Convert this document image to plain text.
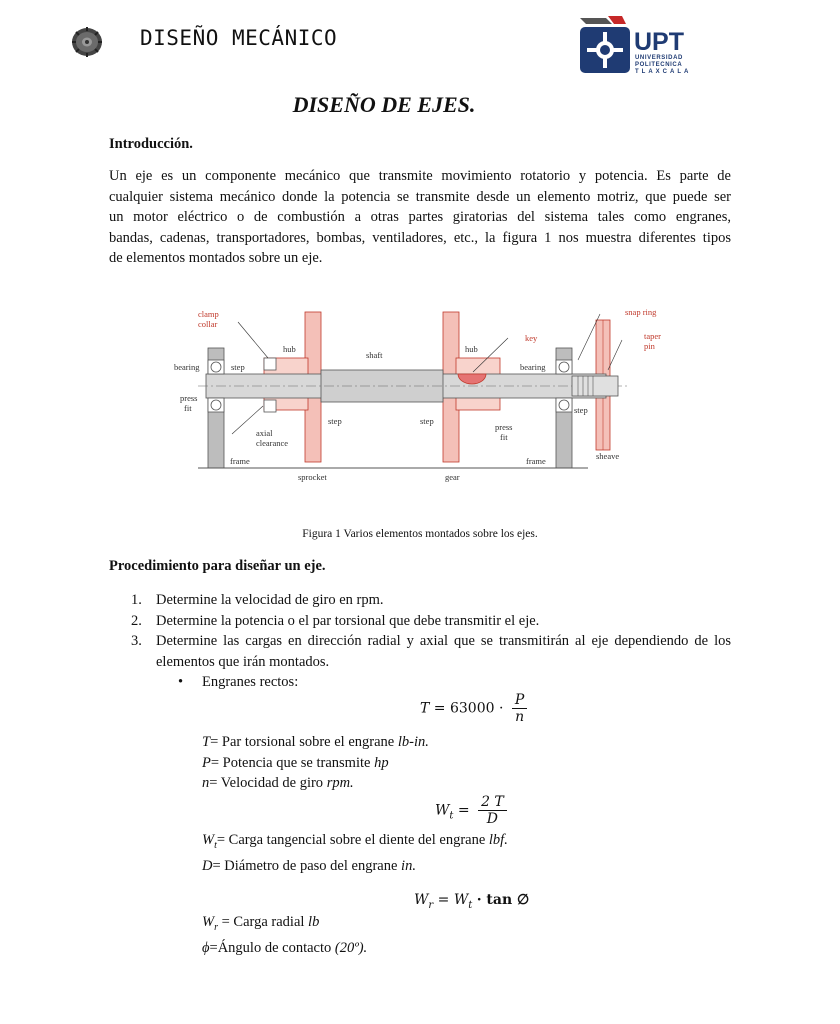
DISEÑO MECÁNICO	UPT
UNIVERSIDAD
POLITECNICA
TLAXCALA
DISEÑO DE EJES.
Introducción.
Un eje es un componente mecánico que transmite movimiento rotatorio y potencia. Es parte de
cualquier sistema mecánico donde la potencia se transmite desde un elemento motriz, que puede ser
un motor eléctrico o de combustión a otras partes giratorias del sistema tales como engranes,
bandas, cadenas, transportadores, bombas, ventiladores, etc., la figura 1 nos muestra diferentes tipos
de elementos montados sobre un eje.
clamp
collar
hub
shaft
hub
key
snap ring
taper
pin
bearing	step	bearing
press
fit
axial
clearance
step	step
press
fit
step
frame	frame	sheave
sprocket	gear
Figura 1 Varios elementos montados sobre los ejes.
Procedimiento para diseñar un eje.
1. Determine la velocidad de giro en rpm.
2. Determine la potencia o el par torsional que debe transmitir el eje.
3. Determine las cargas en dirección radial y axial que se transmitirán al eje dependiendo de los elementos que irán montados.
• Engranes rectos:
$T = 63000 \cdot \frac{P}{n}$
T= Par torsional sobre el engrane lb-in.
P= Potencia que se transmite hp
n= Velocidad de giro rpm.
$W_t = \frac{2 T}{D}$
$W_t=$ Carga tangencial sobre el diente del engrane lbf.
D= Diámetro de paso del engrane in.
$W_r = W_t \cdot \tan$ ∅
$W_r$ = Carga radial lb
ϕ=Ángulo de contacto (20º).
